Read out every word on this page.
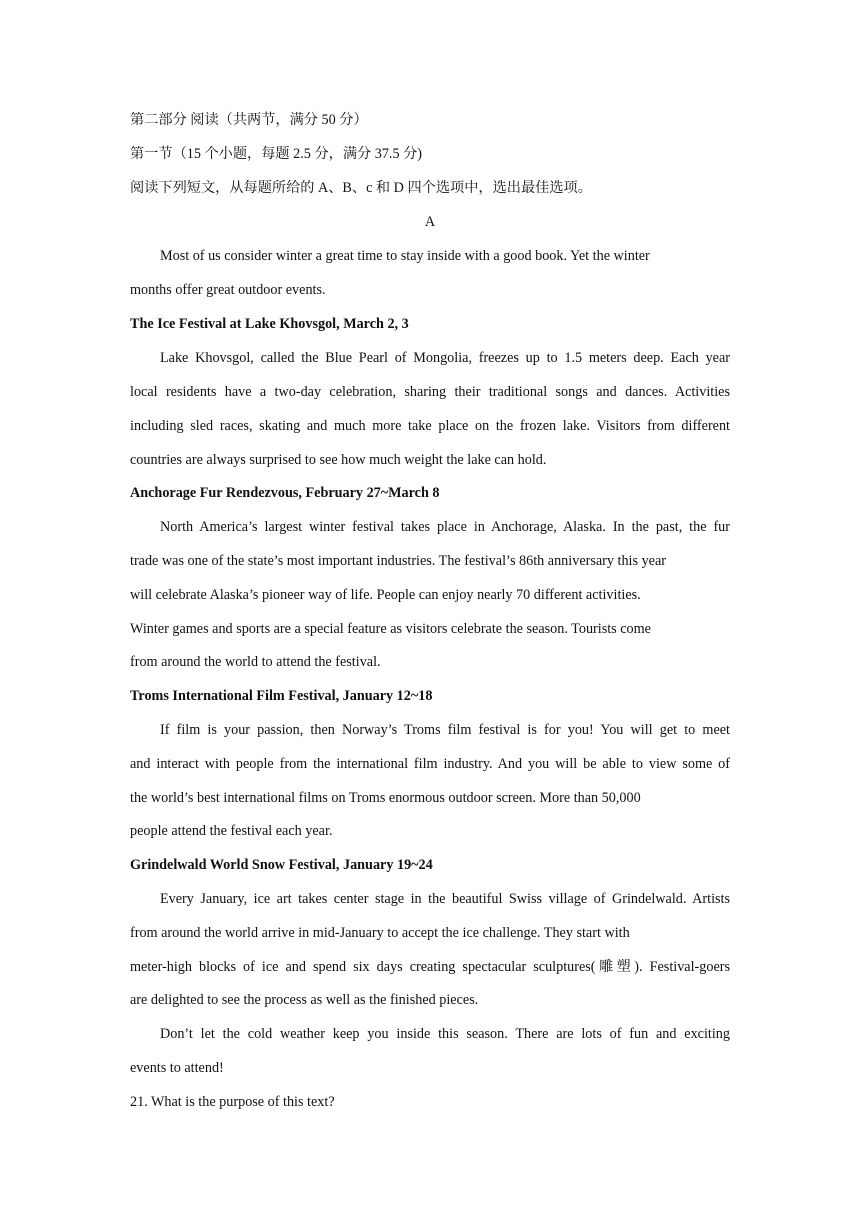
第二部分 阅读（共两节，满分 50 分）
第一节（15 个小题，每题 2.5 分，满分 37.5 分)
阅读下列短文，从每题所给的 A、B、c 和 D 四个选项中，选出最佳选项。
A
Most of us consider winter a great time to stay inside with a good book. Yet the winter
months offer great outdoor events.
The Ice Festival at Lake Khovsgol, March 2, 3
Lake Khovsgol, called the Blue Pearl of Mongolia, freezes up to 1.5 meters deep. Each year
local residents have a two-day celebration, sharing their traditional songs and dances. Activities
including sled races, skating and much more take place on the frozen lake. Visitors from different
countries are always surprised to see how much weight the lake can hold.
Anchorage Fur Rendezvous, February 27~March 8
North America’s largest winter festival takes place in Anchorage, Alaska. In the past, the fur
trade was one of the state’s most important industries. The festival’s 86th anniversary this year
will celebrate Alaska’s pioneer way of life. People can enjoy nearly 70 different activities.
Winter games and sports are a special feature as visitors celebrate the season. Tourists come
from around the world to attend the festival.
Troms International Film Festival, January 12~18
If film is your passion, then Norway’s Troms film festival is for you! You will get to meet
and interact with people from the international film industry. And you will be able to view some of
the world’s best international films on Troms enormous outdoor screen. More than 50,000
people attend the festival each year.
Grindelwald World Snow Festival, January 19~24
Every January, ice art takes center stage in the beautiful Swiss village of Grindelwald. Artists
from around the world arrive in mid-January to accept the ice challenge. They start with
meter-high blocks of ice and spend six days creating spectacular sculptures(雕塑). Festival-goers
are delighted to see the process as well as the finished pieces.
Don’t let the cold weather keep you inside this season. There are lots of fun and exciting
events to attend!
21. What is the purpose of this text?
